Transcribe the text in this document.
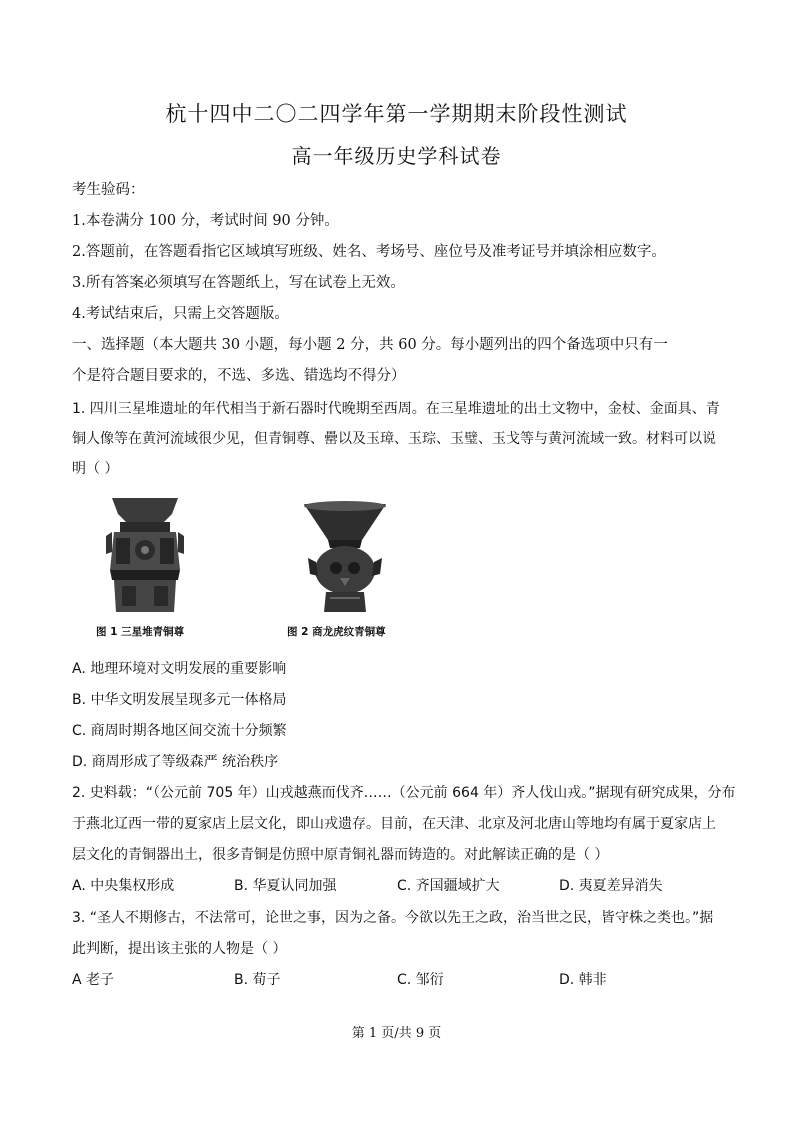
杭十四中二〇二四学年第一学期期末阶段性测试
高一年级历史学科试卷
考生验码：
1.本卷满分 100 分，考试时间 90 分钟。
2.答题前，在答题看指它区域填写班级、姓名、考场号、座位号及准考证号并填涂相应数字。
3.所有答案必须填写在答题纸上，写在试卷上无效。
4.考试结束后，只需上交答题版。
一、选择题（本大题共 30 小题，每小题 2 分，共 60 分。每小题列出的四个备选项中只有一
个是符合题目要求的，不选、多选、错选均不得分）
1. 四川三星堆遗址的年代相当于新石器时代晚期至西周。在三星堆遗址的出土文物中，金杖、金面具、青
铜人像等在黄河流域很少见，但青铜尊、罍以及玉璋、玉琮、玉璧、玉戈等与黄河流域一致。材料可以说
明（ ）
图 1 三星堆青铜尊	图 2 商龙虎纹青铜尊
A. 地理环境对文明发展的重要影响
B. 中华文明发展呈现多元一体格局
C. 商周时期各地区间交流十分频繁
D. 商周形成了等级森严 统治秩序
2. 史料载：“（公元前 705 年）山戎越燕而伐齐……（公元前 664 年）齐人伐山戎。”据现有研究成果，分布
于燕北辽西一带的夏家店上层文化，即山戎遗存。目前，在天津、北京及河北唐山等地均有属于夏家店上
层文化的青铜器出土，很多青铜是仿照中原青铜礼器而铸造的。对此解读正确的是（ ）
A. 中央集权形成	B. 华夏认同加强	C. 齐国疆域扩大	D. 夷夏差异消失
3. “圣人不期修古，不法常可，论世之事，因为之备。今欲以先王之政，治当世之民，皆守株之类也。”据
此判断，提出该主张的人物是（ ）
A 老子	B. 荀子	C. 邹衍	D. 韩非
第 1 页/共 9 页
